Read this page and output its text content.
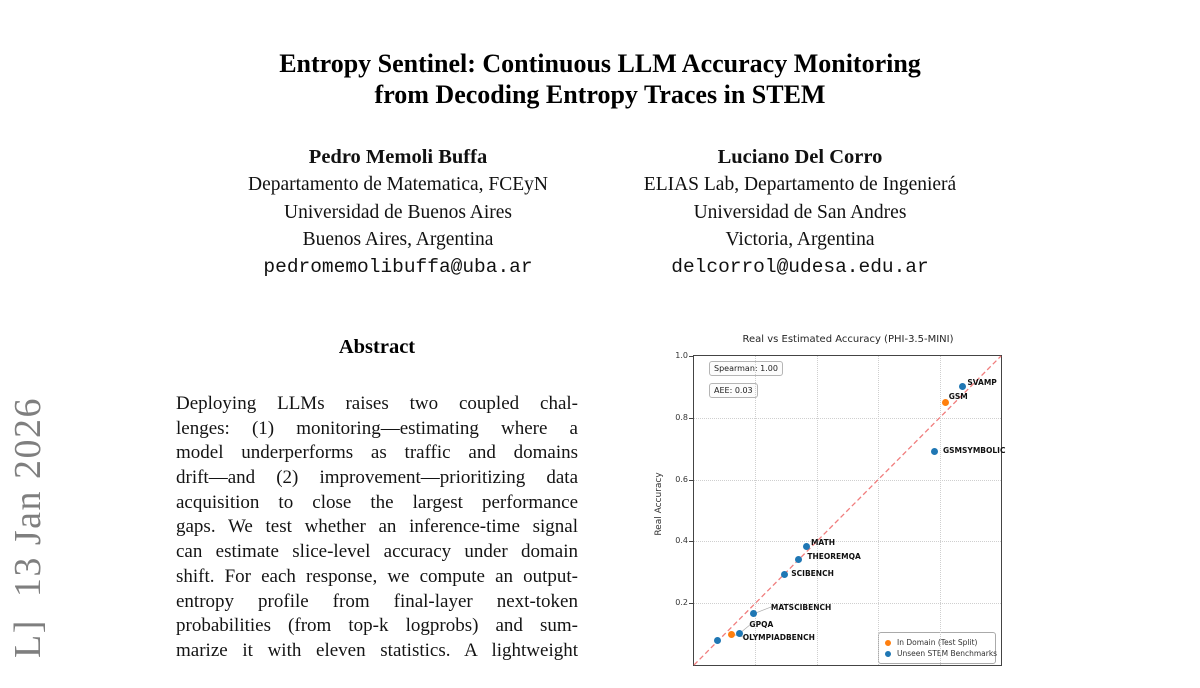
L]  13 Jan 2026
Entropy Sentinel: Continuous LLM Accuracy Monitoring
from Decoding Entropy Traces in STEM
Pedro Memoli Buffa
Departamento de Matematica, FCEyN
Universidad de Buenos Aires
Buenos Aires, Argentina
pedromemolibuffa@uba.ar
Luciano Del Corro
ELIAS Lab, Departamento de Ingenierá
Universidad de San Andres
Victoria, Argentina
delcorrol@udesa.edu.ar
Abstract
Deploying LLMs raises two coupled chal-
lenges: (1) monitoring—estimating where a
model underperforms as traffic and domains
drift—and (2) improvement—prioritizing data
acquisition to close the largest performance
gaps. We test whether an inference-time signal
can estimate slice-level accuracy under domain
shift. For each response, we compute an output-
entropy profile from final-layer next-token
probabilities (from top-k logprobs) and sum-
marize it with eleven statistics. A lightweight
Real vs Estimated Accuracy (PHI-3.5-MINI)
Real Accuracy
Spearman: 1.00
AEE: 0.03
In Domain (Test Split)
Unseen STEM Benchmarks
GSM
OLYMPIADBENCH
SVAMP
GSMSYMBOLIC
MATH
THEOREMQA
SCIBENCH
MATSCIBENCH
GPQA
1.0
0.8
0.6
0.4
0.2
